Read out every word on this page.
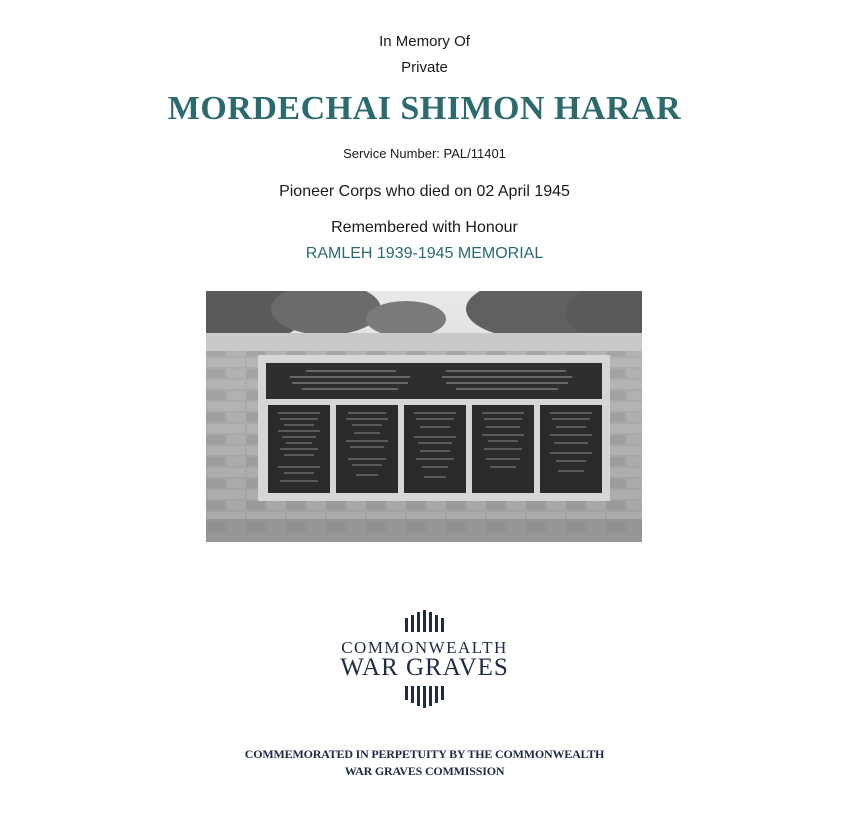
In Memory Of
Private
MORDECHAI SHIMON HARAR
Service Number: PAL/11401
Pioneer Corps who died on 02 April 1945
Remembered with Honour
RAMLEH 1939-1945 MEMORIAL
COMMONWEALTH
WAR GRAVES
COMMEMORATED IN PERPETUITY BY THE COMMONWEALTH
WAR GRAVES COMMISSION
